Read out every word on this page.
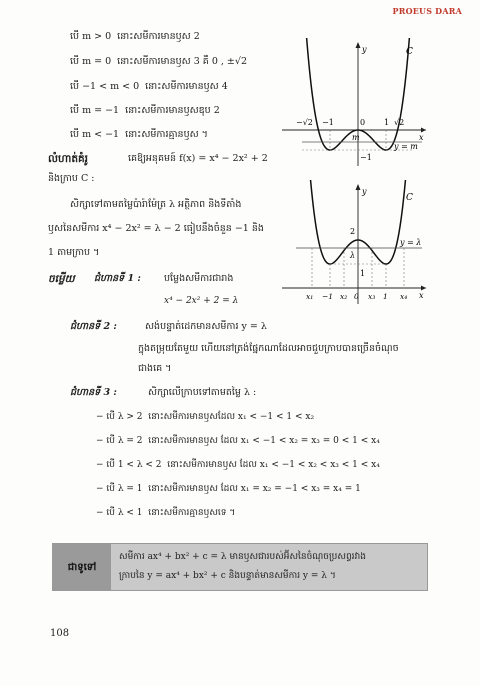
PROEUS DARA
បើ m > 0 នោះសមីការមានឫស 2
បើ m = 0 នោះសមីការមានឫស 3 គឺ 0 , ±√2
បើ −1 < m < 0 នោះសមីការមានឫស 4
បើ m = −1 នោះសមីការមានឫសឌុប 2
បើ m < −1 នោះសមីការគ្មានឫស ។
លំហាត់គំរូ	គេឱ្យអនុគមន៍ f(x) = x⁴ − 2x² + 2
និងក្រាប C :
សិក្សាទៅតាមតម្លៃប៉ារ៉ាម៉ែត្រ λ អត្ថិភាព និងទីតាំង
ឫសនៃសមីការ x⁴ − 2x² = λ − 2 ធៀបនឹងចំនួន −1 និង
1 តាមក្រាប ។
ចម្លើយ ជំហានទី 1 : បម្លែងសមីការជារាង
x⁴ − 2x² + 2 = λ
ជំហានទី 2 :	សង់បន្ទាត់ដេកមានសមីការ y = λ
ក្នុងតម្រុយតែមួយ ហើយនៅត្រង់ផ្នែកណាដែលអាចជួបក្រាបបានច្រើនចំណុច
ជាងគេ ។
ជំហានទី 3 :	សិក្សាលើក្រាបទៅតាមតម្លៃ λ :
− បើ λ > 2 នោះសមីការមានឫសដែល x₁ < −1 < 1 < x₂
− បើ λ = 2 នោះសមីការមានឫស ដែល x₁ < −1 < x₂ = x₃ = 0 < 1 < x₄
− បើ 1 < λ < 2 នោះសមីការមានឫស ដែល x₁ < −1 < x₂ < x₃ < 1 < x₄
− បើ λ = 1 នោះសមីការមានឫស ដែល x₁ = x₂ = −1 < x₃ = x₄ = 1
− បើ λ < 1 នោះសមីការគ្មានឫសទេ ។
ជាទូទៅ
សមីការ ax⁴ + bx² + c = λ មានឫសជារបស់អ៊ីសនៃចំណុចប្រសព្វរវាង
ក្រាបនៃ y = ax⁴ + bx² + c និងបន្ទាត់មានសមីការ y = λ ។
108
C
y
x
0 1
−1	√2
−√2
m
y = m
−1
C
y
x
2
λ
1
y = λ
x₁ −1 x₂ 0 x₃ 1 x₄
